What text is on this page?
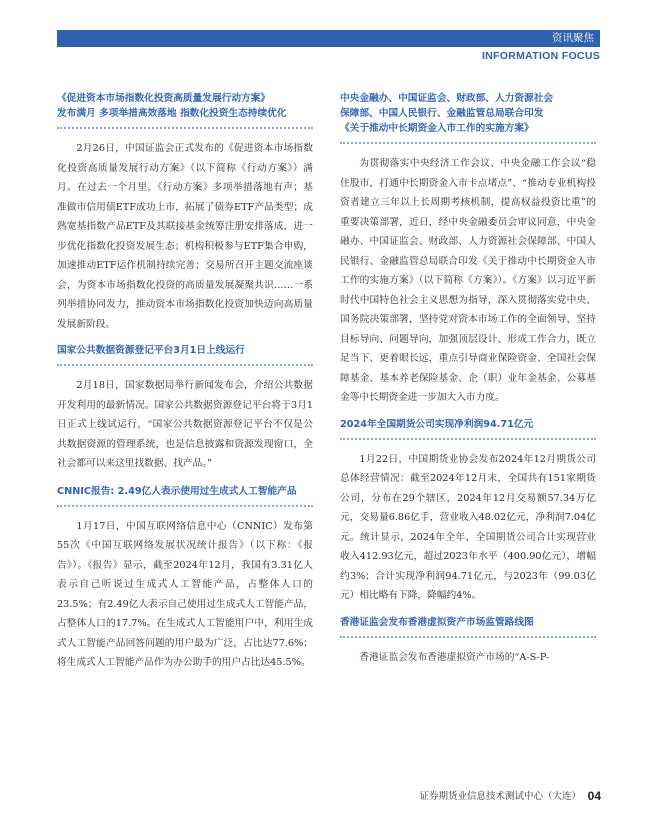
资讯聚焦
INFORMATION FOCUS
《促进资本市场指数化投资高质量发展行动方案》
发布满月 多项举措高效落地 指数化投资生态持续优化

2月26日，中国证监会正式发布的《促进资本市场指数化投资高质量发展行动方案》（以下简称《行动方案》）满月。在过去一个月里，《行动方案》多项举措落地有声；基准做市信用债ETF成功上市，拓展了债券ETF产品类型；成熟宽基指数产品ETF及其联接基金统筹注册安排落成，进一步优化指数化投资发展生态；机构积极参与ETF集合申购，加速推动ETF运作机制持续完善；交易所召开主题交流座谈会，为资本市场指数化投资的高质量发展凝聚共识……一系列举措协同发力，推动资本市场指数化投资加快迈向高质量发展新阶段。

国家公共数据资源登记平台3月1日上线运行

2月18日，国家数据局举行新闻发布会，介绍公共数据开发利用的最新情况。国家公共数据资源登记平台将于3月1日正式上线试运行，“国家公共数据资源登记平台不仅是公共数据资源的管理系统，也是信息披露和资源发现窗口，全社会都可以来这里找数据、找产品。”

CNNIC报告: 2.49亿人表示使用过生成式人工智能产品

1月17日，中国互联网络信息中心（CNNIC）发布第55次《中国互联网络发展状况统计报告》（以下称：《报告》）。《报告》显示，截至2024年12月，我国有3.31亿人表示自己听说过生成式人工智能产品，占整体人口的23.5%；有2.49亿人表示自己使用过生成式人工智能产品，占整体人口的17.7%。在生成式人工智能用户中，利用生成式人工智能产品回答问题的用户最为广泛，占比达77.6%；将生成式人工智能产品作为办公助手的用户占比达45.5%。

中央金融办、中国证监会、财政部、人力资源社会
保障部、中国人民银行、金融监管总局联合印发
《关于推动中长期资金入市工作的实施方案》

为贯彻落实中央经济工作会议、中央金融工作会议“稳住股市，打通中长期资金入市卡点堵点”、“推动专业机构投资者建立三年以上长周期考核机制，提高权益投资比重”的重要决策部署，近日，经中央金融委员会审议同意，中央金融办、中国证监会、财政部、人力资源社会保障部、中国人民银行、金融监管总局联合印发《关于推动中长期资金入市工作的实施方案》（以下简称《方案》）。《方案》以习近平新时代中国特色社会主义思想为指导，深入贯彻落实党中央、国务院决策部署，坚持党对资本市场工作的全面领导，坚持目标导向、问题导向，加强顶层设计、形成工作合力，既立足当下、更着眼长远，重点引导商业保险资金、全国社会保障基金、基本养老保险基金、企（职）业年金基金、公募基金等中长期资金进一步加大入市力度。

2024年全国期货公司实现净利润94.71亿元

1月22日，中国期货业协会发布2024年12月期货公司总体经营情况：截至2024年12月末，全国共有151家期货公司，分布在29个辖区，2024年12月交易额57.34万亿元，交易量6.86亿手，营业收入48.02亿元，净利润7.04亿元。统计显示，2024年全年，全国期货公司合计实现营业收入412.93亿元，超过2023年水平（400.90亿元），增幅约3%；合计实现净利润94.71亿元，与2023年（99.03亿元）相比略有下降，降幅约4%。

香港证监会发布香港虚拟资产市场监管路线图

香港证监会发布香港虚拟资产市场的“A-S-P-

证券期货业信息技术测试中心（大连） 04
